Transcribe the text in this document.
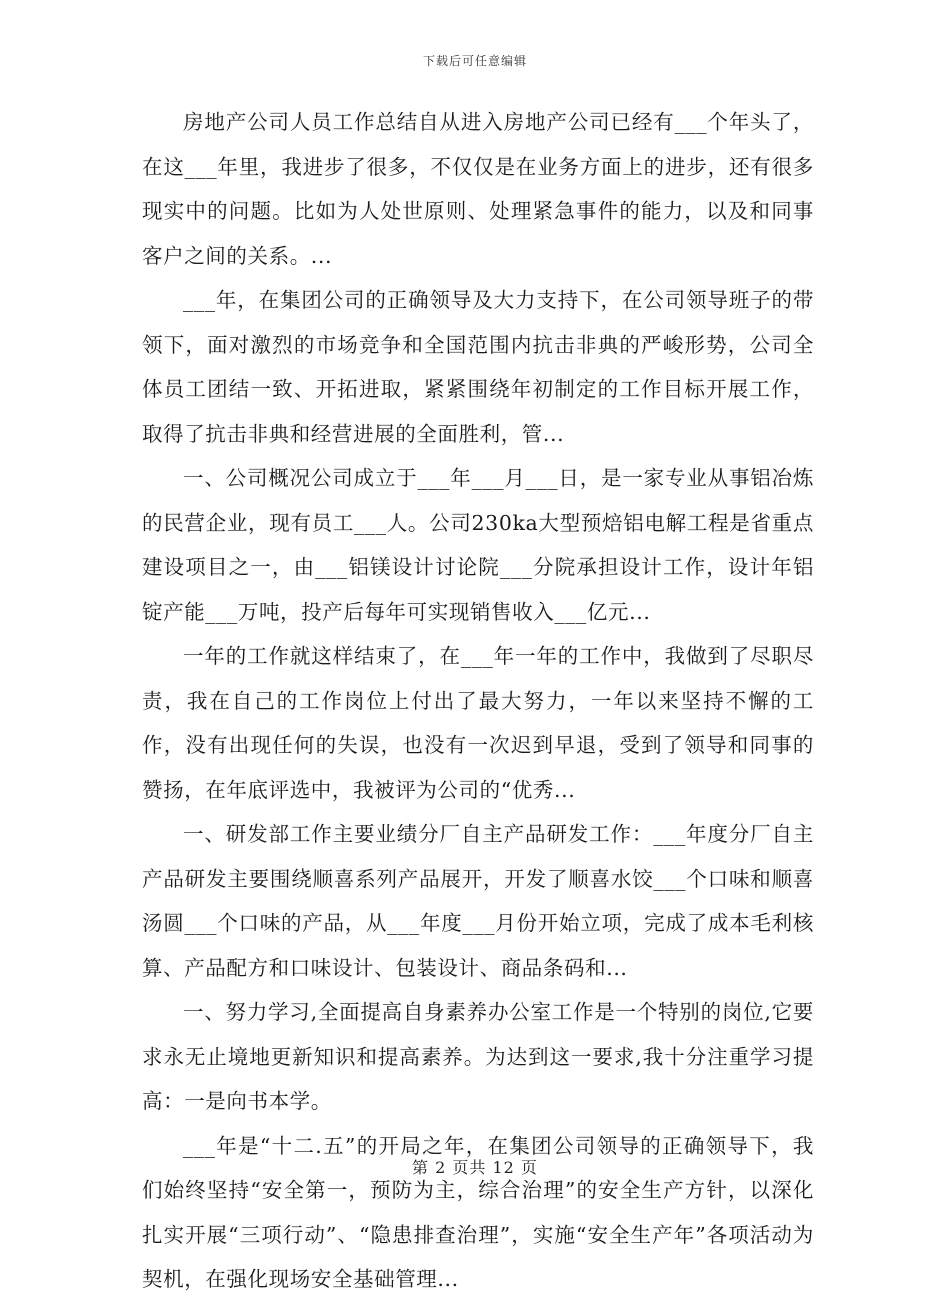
下载后可任意编辑

房地产公司人员工作总结自从进入房地产公司已经有___个年头了，在这___年里，我进步了很多，不仅仅是在业务方面上的进步，还有很多现实中的问题。比如为人处世原则、处理紧急事件的能力，以及和同事客户之间的关系。...

___年，在集团公司的正确领导及大力支持下，在公司领导班子的带领下，面对激烈的市场竞争和全国范围内抗击非典的严峻形势，公司全体员工团结一致、开拓进取，紧紧围绕年初制定的工作目标开展工作，取得了抗击非典和经营进展的全面胜利，管...

一、公司概况公司成立于___年___月___日，是一家专业从事铝冶炼的民营企业，现有员工___人。公司230ka大型预焙铝电解工程是省重点建设项目之一，由___铝镁设计讨论院___分院承担设计工作，设计年铝锭产能___万吨，投产后每年可实现销售收入___亿元...

一年的工作就这样结束了，在___年一年的工作中，我做到了尽职尽责，我在自己的工作岗位上付出了最大努力，一年以来坚持不懈的工作，没有出现任何的失误，也没有一次迟到早退，受到了领导和同事的赞扬，在年底评选中，我被评为公司的“优秀...

一、研发部工作主要业绩分厂自主产品研发工作：___年度分厂自主产品研发主要围绕顺喜系列产品展开，开发了顺喜水饺___个口味和顺喜汤圆___个口味的产品，从___年度___月份开始立项，完成了成本毛利核算、产品配方和口味设计、包装设计、商品条码和...

一、努力学习,全面提高自身素养办公室工作是一个特别的岗位,它要求永无止境地更新知识和提高素养。为达到这一要求,我十分注重学习提高：一是向书本学。

___年是“十二.五”的开局之年，在集团公司领导的正确领导下，我们始终坚持“安全第一，预防为主，综合治理”的安全生产方针，以深化扎实开展“三项行动”、“隐患排查治理”，实施“安全生产年”各项活动为契机，在强化现场安全基础管理...

第 2 页共 12 页
